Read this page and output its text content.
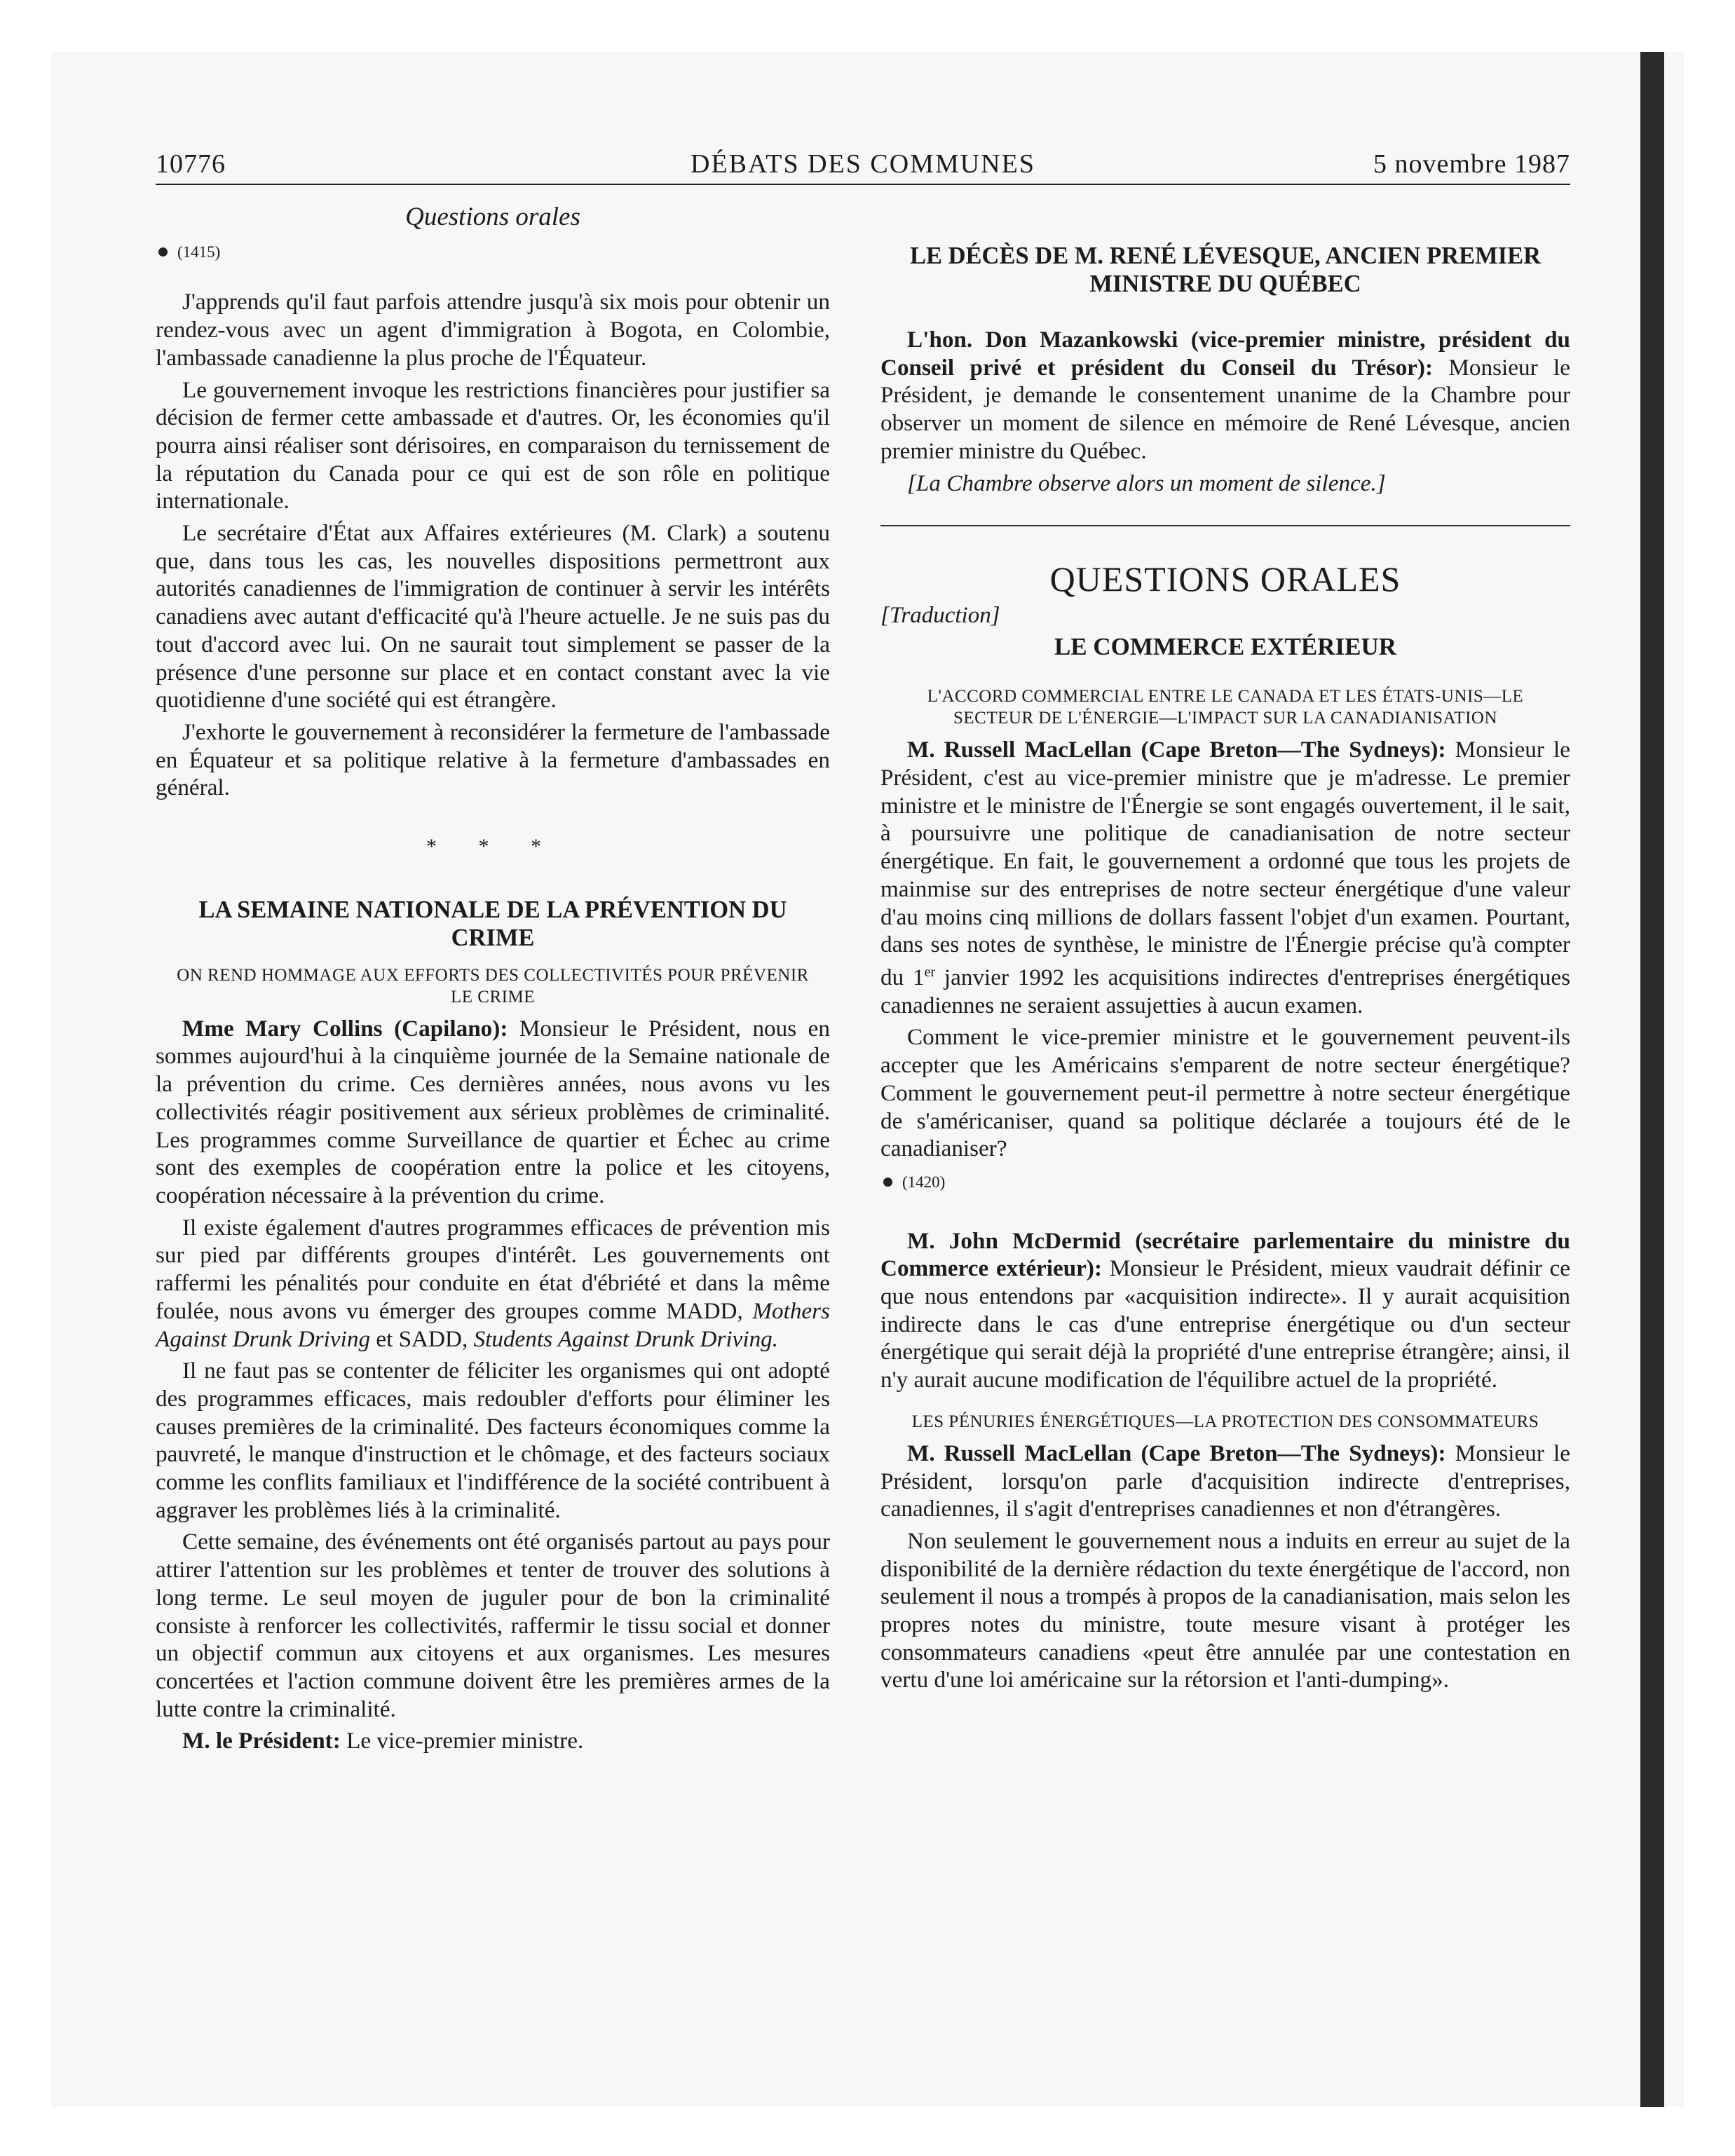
10776	DÉBATS DES COMMUNES	5 novembre 1987
Questions orales
(1415)

J'apprends qu'il faut parfois attendre jusqu'à six mois pour obtenir un rendez-vous avec un agent d'immigration à Bogota, en Colombie, l'ambassade canadienne la plus proche de l'Équateur.

Le gouvernement invoque les restrictions financières pour justifier sa décision de fermer cette ambassade et d'autres. Or, les économies qu'il pourra ainsi réaliser sont dérisoires, en comparaison du ternissement de la réputation du Canada pour ce qui est de son rôle en politique internationale.

Le secrétaire d'État aux Affaires extérieures (M. Clark) a soutenu que, dans tous les cas, les nouvelles dispositions permettront aux autorités canadiennes de l'immigration de continuer à servir les intérêts canadiens avec autant d'efficacité qu'à l'heure actuelle. Je ne suis pas du tout d'accord avec lui. On ne saurait tout simplement se passer de la présence d'une personne sur place et en contact constant avec la vie quotidienne d'une société qui est étrangère.

J'exhorte le gouvernement à reconsidérer la fermeture de l'ambassade en Équateur et sa politique relative à la fermeture d'ambassades en général.

* * *
LA SEMAINE NATIONALE DE LA PRÉVENTION DU CRIME
ON REND HOMMAGE AUX EFFORTS DES COLLECTIVITÉS POUR PRÉVENIR LE CRIME

Mme Mary Collins (Capilano): Monsieur le Président, nous en sommes aujourd'hui à la cinquième journée de la Semaine nationale de la prévention du crime. Ces dernières années, nous avons vu les collectivités réagir positivement aux sérieux problèmes de criminalité. Les programmes comme Surveillance de quartier et Échec au crime sont des exemples de coopération entre la police et les citoyens, coopération nécessaire à la prévention du crime.

Il existe également d'autres programmes efficaces de prévention mis sur pied par différents groupes d'intérêt. Les gouvernements ont raffermi les pénalités pour conduite en état d'ébriété et dans la même foulée, nous avons vu émerger des groupes comme MADD, Mothers Against Drunk Driving et SADD, Students Against Drunk Driving.

Il ne faut pas se contenter de féliciter les organismes qui ont adopté des programmes efficaces, mais redoubler d'efforts pour éliminer les causes premières de la criminalité. Des facteurs économiques comme la pauvreté, le manque d'instruction et le chômage, et des facteurs sociaux comme les conflits familiaux et l'indifférence de la société contribuent à aggraver les problèmes liés à la criminalité.

Cette semaine, des événements ont été organisés partout au pays pour attirer l'attention sur les problèmes et tenter de trouver des solutions à long terme. Le seul moyen de juguler pour de bon la criminalité consiste à renforcer les collectivités, raffermir le tissu social et donner un objectif commun aux citoyens et aux organismes. Les mesures concertées et l'action commune doivent être les premières armes de la lutte contre la criminalité.

M. le Président: Le vice-premier ministre.

LE DÉCÈS DE M. RENÉ LÉVESQUE, ANCIEN PREMIER MINISTRE DU QUÉBEC

L'hon. Don Mazankowski (vice-premier ministre, président du Conseil privé et président du Conseil du Trésor): Monsieur le Président, je demande le consentement unanime de la Chambre pour observer un moment de silence en mémoire de René Lévesque, ancien premier ministre du Québec.

[La Chambre observe alors un moment de silence.]

QUESTIONS ORALES
[Traduction]
LE COMMERCE EXTÉRIEUR
L'ACCORD COMMERCIAL ENTRE LE CANADA ET LES ÉTATS-UNIS—LE SECTEUR DE L'ÉNERGIE—L'IMPACT SUR LA CANADIANISATION

M. Russell MacLellan (Cape Breton—The Sydneys): Monsieur le Président, c'est au vice-premier ministre que je m'adresse. Le premier ministre et le ministre de l'Énergie se sont engagés ouvertement, il le sait, à poursuivre une politique de canadianisation de notre secteur énergétique. En fait, le gouvernement a ordonné que tous les projets de mainmise sur des entreprises de notre secteur énergétique d'une valeur d'au moins cinq millions de dollars fassent l'objet d'un examen. Pourtant, dans ses notes de synthèse, le ministre de l'Énergie précise qu'à compter du 1er janvier 1992 les acquisitions indirectes d'entreprises énergétiques canadiennes ne seraient assujetties à aucun examen.

Comment le vice-premier ministre et le gouvernement peuvent-ils accepter que les Américains s'emparent de notre secteur énergétique? Comment le gouvernement peut-il permettre à notre secteur énergétique de s'américaniser, quand sa politique déclarée a toujours été de le canadianiser?

(1420)

M. John McDermid (secrétaire parlementaire du ministre du Commerce extérieur): Monsieur le Président, mieux vaudrait définir ce que nous entendons par «acquisition indirecte». Il y aurait acquisition indirecte dans le cas d'une entreprise énergétique ou d'un secteur énergétique qui serait déjà la propriété d'une entreprise étrangère; ainsi, il n'y aurait aucune modification de l'équilibre actuel de la propriété.

LES PÉNURIES ÉNERGÉTIQUES—LA PROTECTION DES CONSOMMATEURS

M. Russell MacLellan (Cape Breton—The Sydneys): Monsieur le Président, lorsqu'on parle d'acquisition indirecte d'entreprises, canadiennes, il s'agit d'entreprises canadiennes et non d'étrangères.

Non seulement le gouvernement nous a induits en erreur au sujet de la disponibilité de la dernière rédaction du texte énergétique de l'accord, non seulement il nous a trompés à propos de la canadianisation, mais selon les propres notes du ministre, toute mesure visant à protéger les consommateurs canadiens «peut être annulée par une contestation en vertu d'une loi américaine sur la rétorsion et l'anti-dumping».
